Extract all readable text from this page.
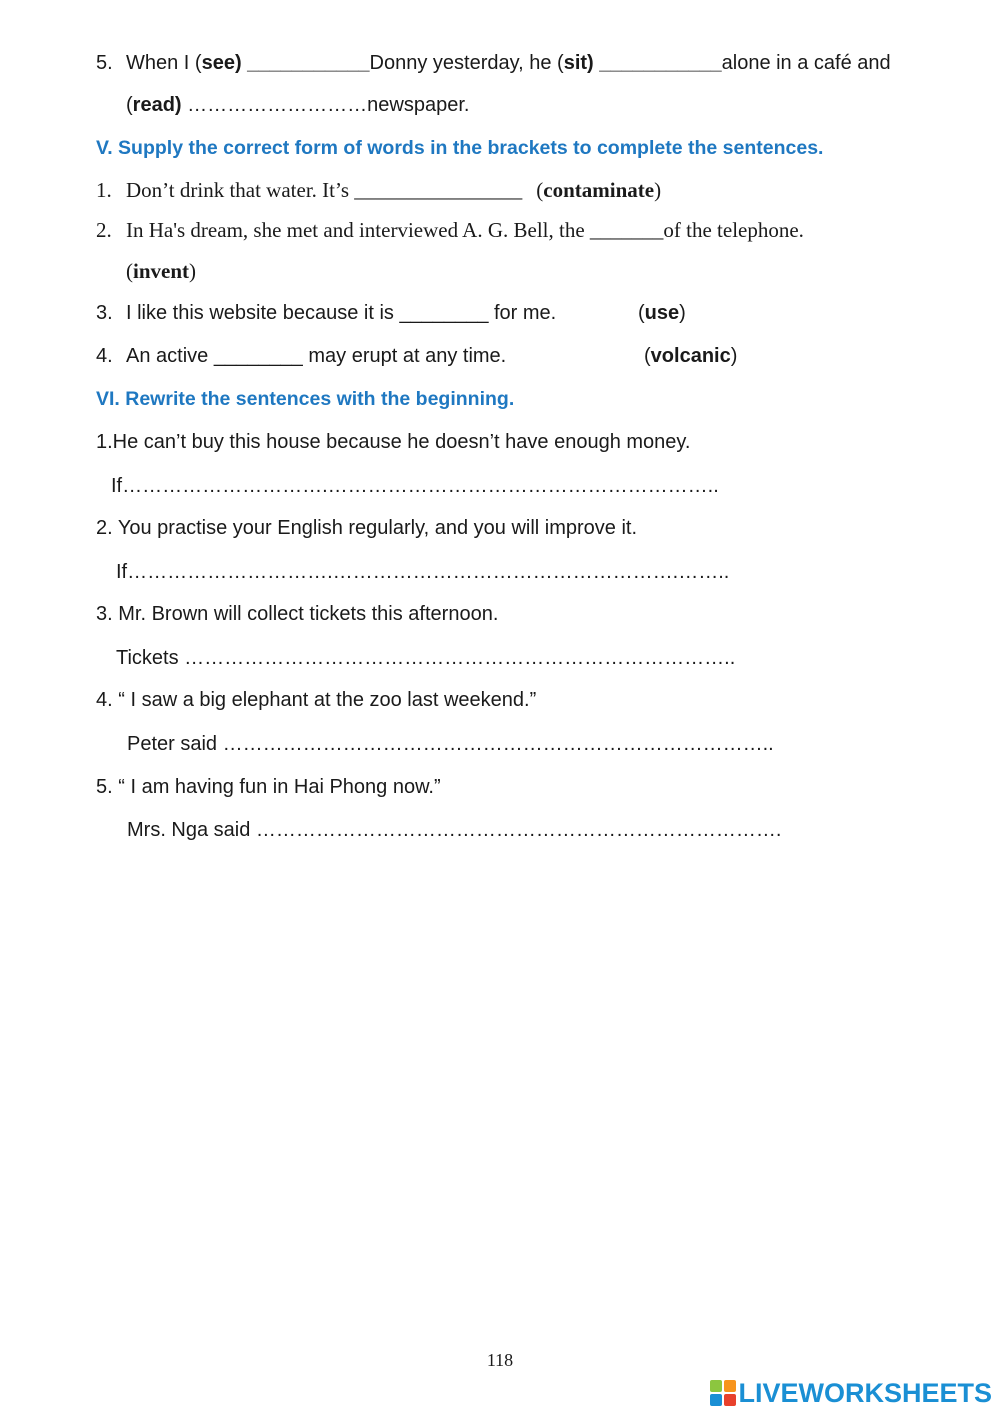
5. When I (see) ___________Donny yesterday, he (sit) ___________alone in a café and
(read) ………………………newspaper.
V. Supply the correct form of words in the brackets to complete the sentences.
1. Don’t drink that water. It’s ________________ (contaminate)
2. In Ha's dream, she met and interviewed A. G. Bell, the _______of the telephone.
(invent)
3. I like this website because it is ________ for me.	(use)
4. An active ________ may erupt at any time.	(volcanic)
VI. Rewrite the sentences with the beginning.
1.He can’t buy this house because he doesn’t have enough money.
If………………………….…………………………………………………..
2. You practise your English regularly, and you will improve it.
If………………………….…………………………………………….……..
3. Mr. Brown will collect tickets this afternoon.
Tickets ………………………………………………………………………..
4. “ I saw a big elephant at the zoo last weekend.”
Peter said ………………………………………………………………………..
5. “ I am having fun in Hai Phong now.”
Mrs. Nga said …………………………………………………………………….
118
LIVEWORKSHEETS
